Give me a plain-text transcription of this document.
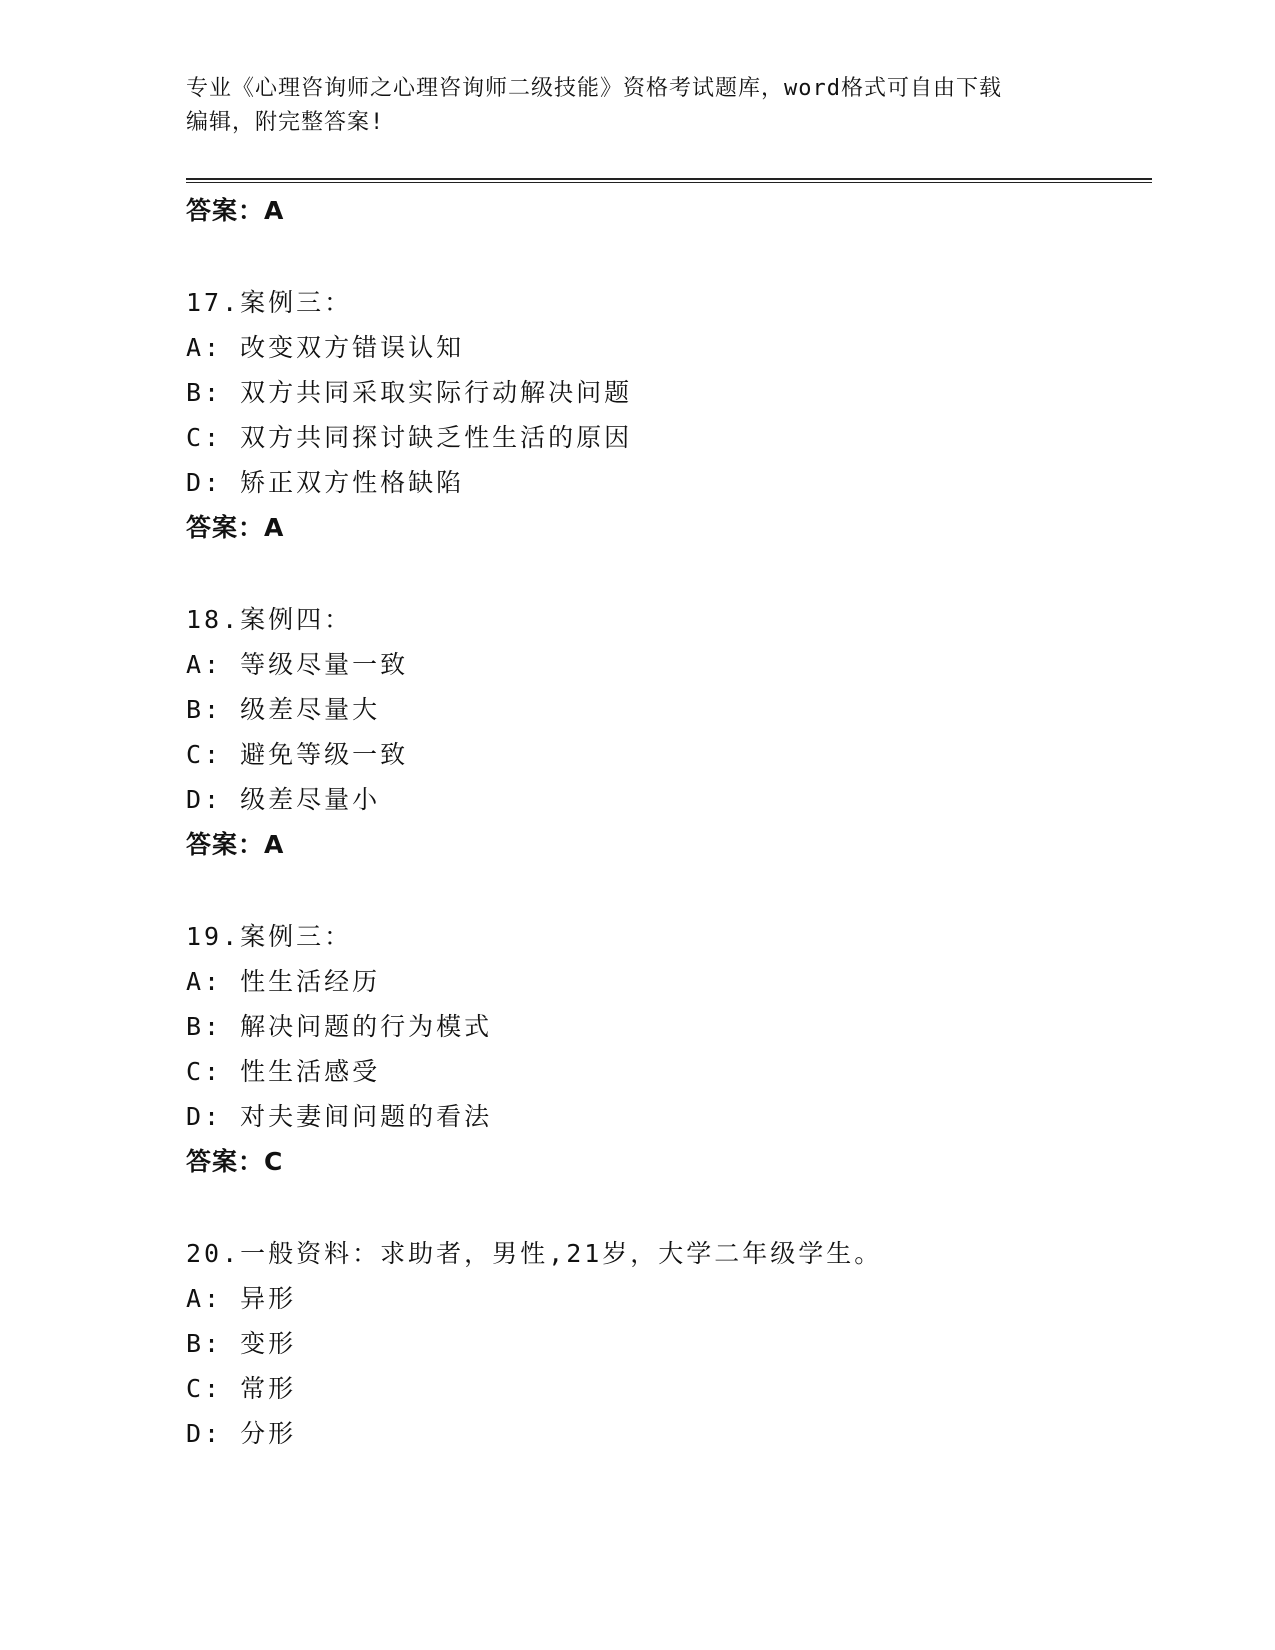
专业《心理咨询师之心理咨询师二级技能》资格考试题库，word格式可自由下载
编辑，附完整答案!
答案：A
17.案例三：
A: 改变双方错误认知
B: 双方共同采取实际行动解决问题
C: 双方共同探讨缺乏性生活的原因
D: 矫正双方性格缺陷
答案：A
18.案例四：
A: 等级尽量一致
B: 级差尽量大
C: 避免等级一致
D: 级差尽量小
答案：A
19.案例三：
A: 性生活经历
B: 解决问题的行为模式
C: 性生活感受
D: 对夫妻间问题的看法
答案：C
20.一般资料：求助者，男性,21岁，大学二年级学生。
A: 异形
B: 变形
C: 常形
D: 分形
